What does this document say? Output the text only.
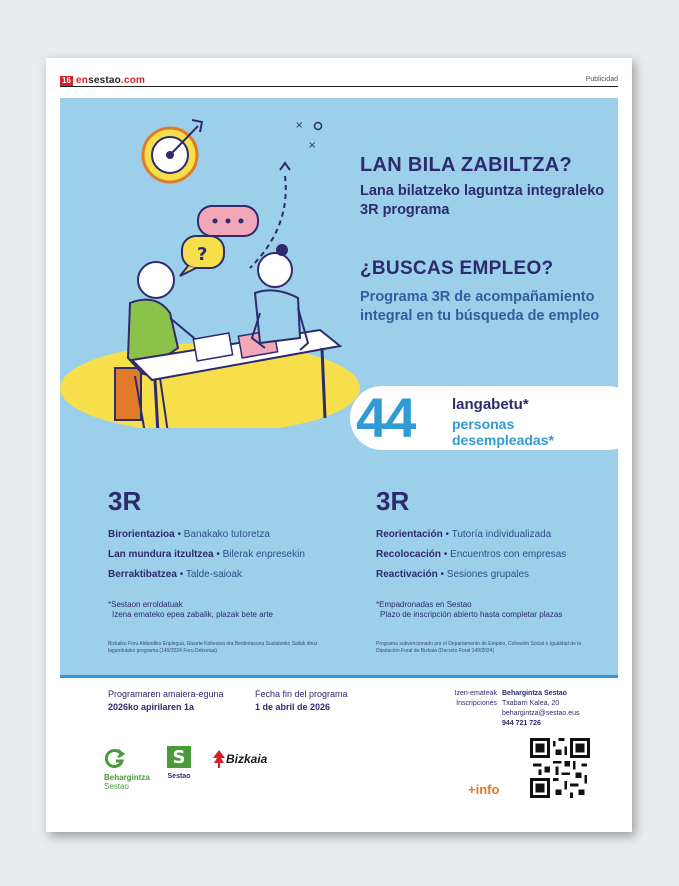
16 ensestao.com	Publicidad
×
×
?
LAN BILA ZABILTZA?
Lana bilatzeko laguntza integraleko 3R programa
¿BUSCAS EMPLEO?
Programa 3R de acompañamiento integral en tu búsqueda de empleo
44	langabetu*
personas desempleadas*
3R
Birorientazioa • Banakako tutoretza
Lan mundura itzultzea • Bilerak enpresekin
Berraktibatzea • Talde-saioak
3R
Reorientación • Tutoría individualizada
Recolocación • Encuentros con empresas
Reactivación • Sesiones grupales
*Sestaon erroldatuak
Izena emateko epea zabalik, plazak bete arte
*Empadronadas en Sestao
Plazo de inscripción abierto hasta completar plazas
Bizkaiko Foru Aldundiko Enplegua, Gizarte Kohesioa eta Berdintasuna Sustatzeko Sailak diruz lagundutako programa (149/2024 Foru Dekretua)
Programa subvencionado por el Departamento de Empleo, Cohesión Social e Igualdad de la Diputación Foral de Bizkaia (Decreto Foral 149/2024)
Programaren amaiera-eguna
2026ko apirilaren 1a
Fecha fin del programa
1 de abril de 2026
Izen-emateak
Inscripciones
Behargintza Sestao
Txabarri Kalea, 20
behargintza@sestao.eus
944 721 726
+info
Behargintza
Sestao
S
Sestao
Bizkaia
